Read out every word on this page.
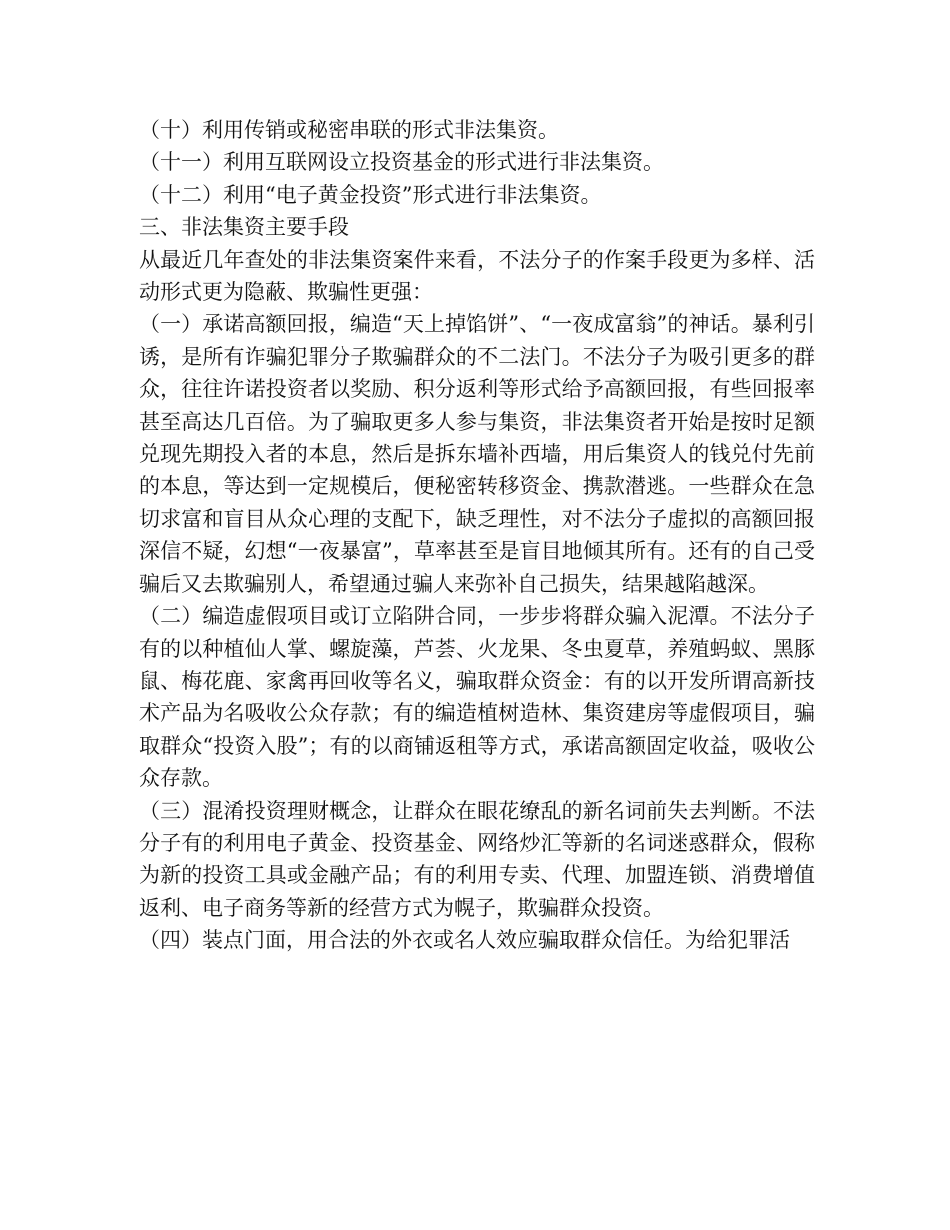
（十）利用传销或秘密串联的形式非法集资。

（十一）利用互联网设立投资基金的形式进行非法集资。

（十二）利用“电子黄金投资”形式进行非法集资。

三、非法集资主要手段

从最近几年查处的非法集资案件来看，不法分子的作案手段更为多样、活动形式更为隐蔽、欺骗性更强：

（一）承诺高额回报，编造“天上掉馅饼”、“一夜成富翁”的神话。暴利引诱，是所有诈骗犯罪分子欺骗群众的不二法门。不法分子为吸引更多的群众，往往许诺投资者以奖励、积分返利等形式给予高额回报，有些回报率甚至高达几百倍。为了骗取更多人参与集资，非法集资者开始是按时足额兑现先期投入者的本息，然后是拆东墙补西墙，用后集资人的钱兑付先前的本息，等达到一定规模后，便秘密转移资金、携款潜逃。一些群众在急切求富和盲目从众心理的支配下，缺乏理性，对不法分子虚拟的高额回报深信不疑，幻想“一夜暴富”，草率甚至是盲目地倾其所有。还有的自己受骗后又去欺骗别人，希望通过骗人来弥补自己损失，结果越陷越深。

（二）编造虚假项目或订立陷阱合同，一步步将群众骗入泥潭。不法分子有的以种植仙人掌、螺旋藻，芦荟、火龙果、冬虫夏草，养殖蚂蚁、黑豚鼠、梅花鹿、家禽再回收等名义，骗取群众资金：有的以开发所谓高新技术产品为名吸收公众存款；有的编造植树造林、集资建房等虚假项目，骗取群众“投资入股”；有的以商铺返租等方式，承诺高额固定收益，吸收公众存款。

（三）混淆投资理财概念，让群众在眼花缭乱的新名词前失去判断。不法分子有的利用电子黄金、投资基金、网络炒汇等新的名词迷惑群众，假称为新的投资工具或金融产品；有的利用专卖、代理、加盟连锁、消费增值返利、电子商务等新的经营方式为幌子，欺骗群众投资。

（四）装点门面，用合法的外衣或名人效应骗取群众信任。为给犯罪活
